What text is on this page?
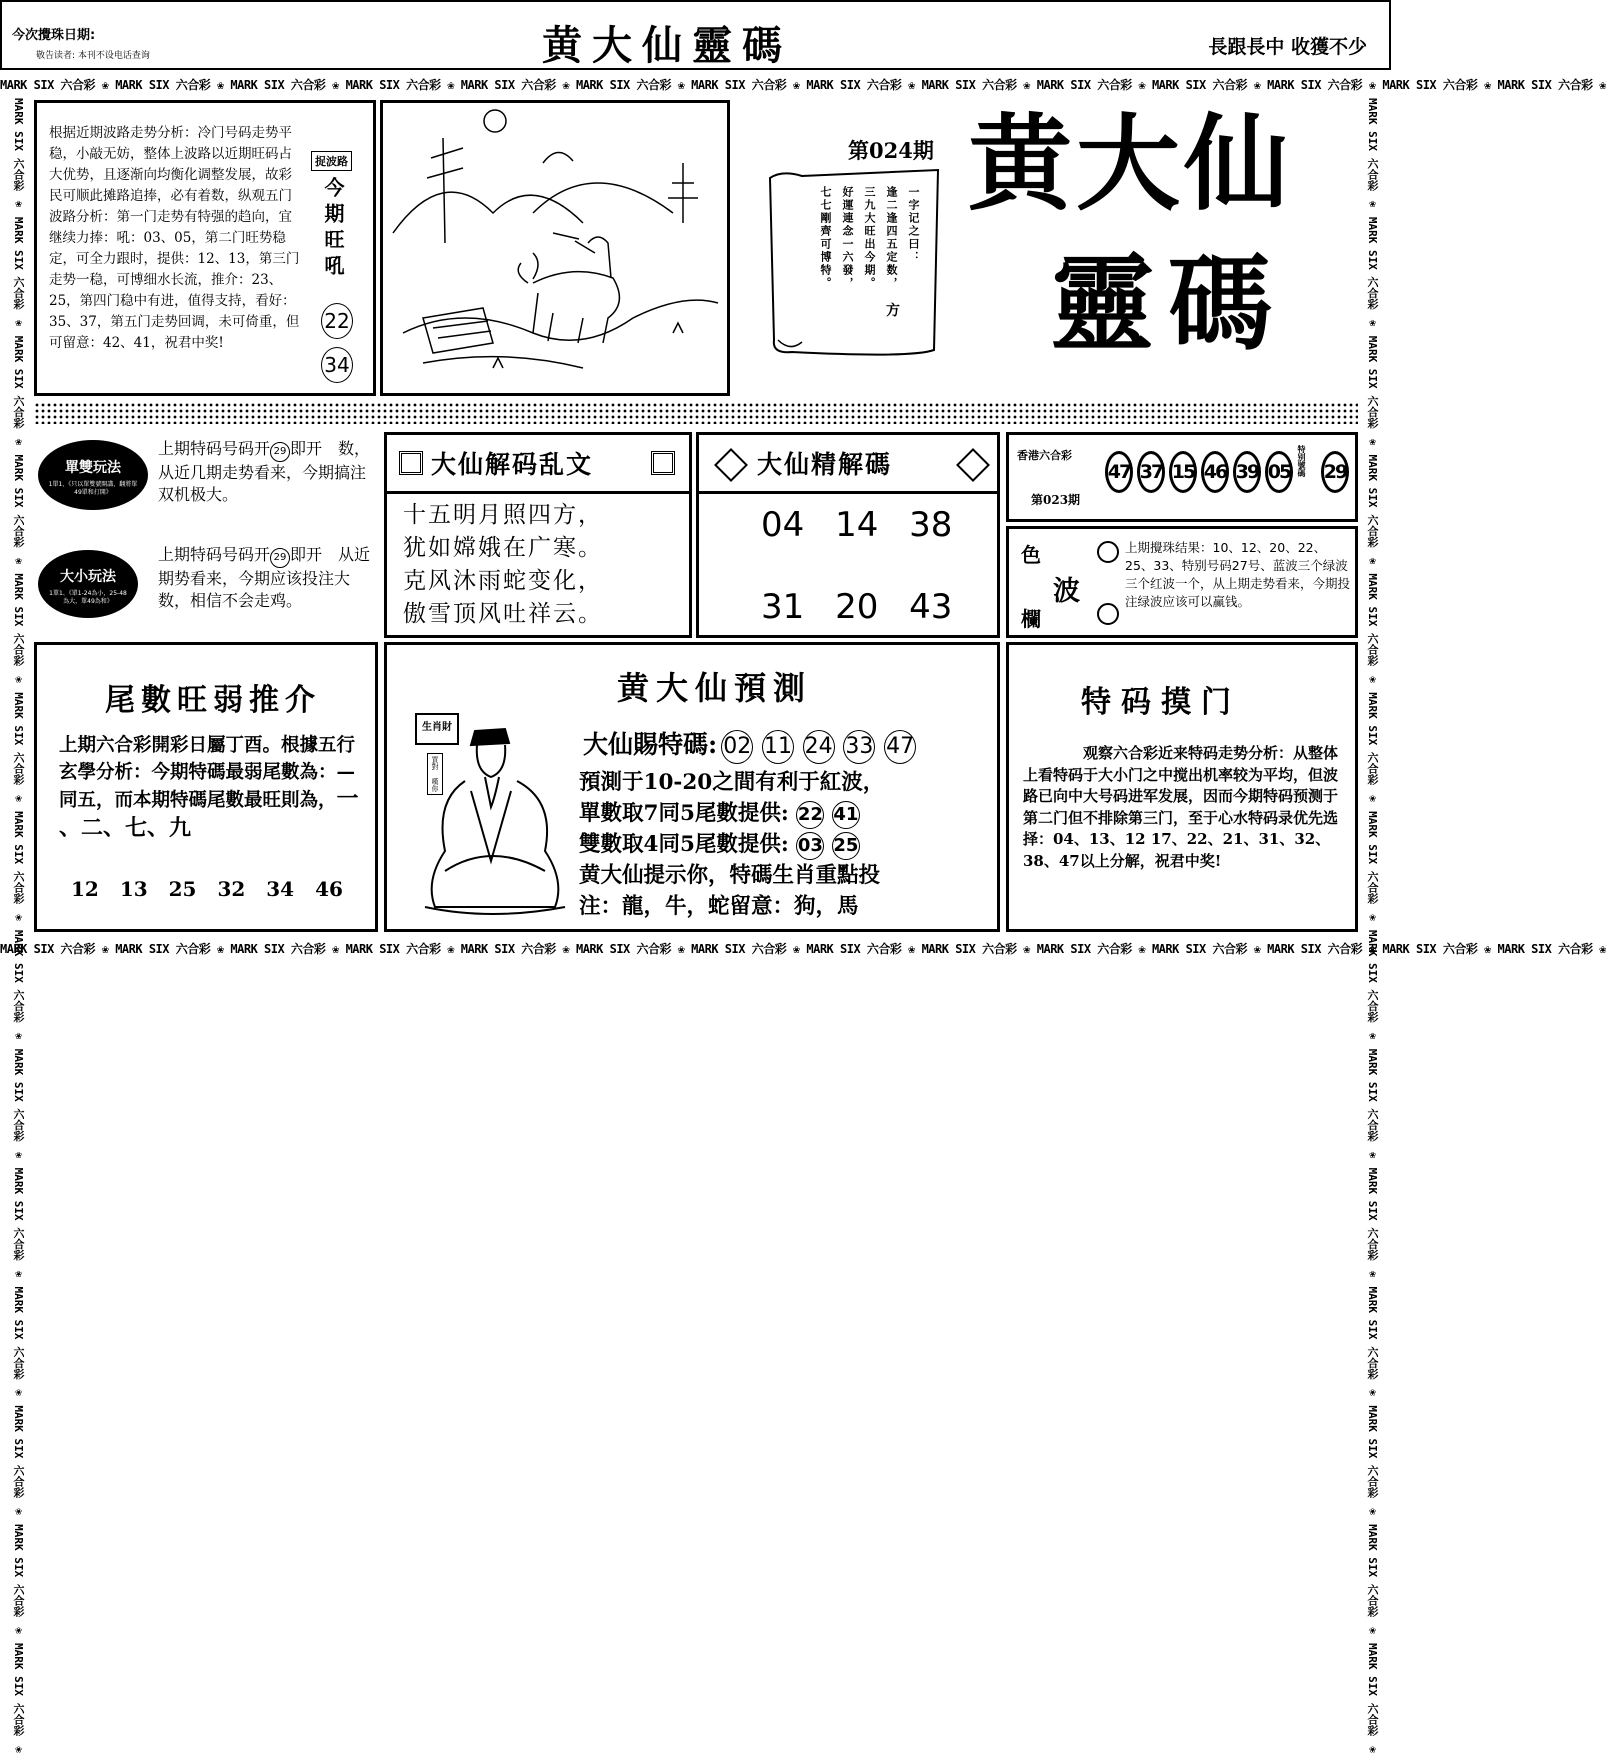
今次攪珠日期:
敬告读者: 本刊不设电话查询	黄大仙靈碼	長跟長中 收獲不少
MARK SIX 六合彩 ❀ MARK SIX 六合彩 ❀ MARK SIX 六合彩 ❀ MARK SIX 六合彩 ❀ MARK SIX 六合彩 ❀ MARK SIX 六合彩 ❀ MARK SIX 六合彩 ❀ MARK SIX 六合彩 ❀ MARK SIX 六合彩 ❀ MARK SIX 六合彩 ❀ MARK SIX 六合彩 ❀ MARK SIX 六合彩 ❀ MARK SIX 六合彩 ❀ MARK SIX 六合彩 ❀
MARK SIX 六合彩 ❀ MARK SIX 六合彩 ❀ MARK SIX 六合彩 ❀ MARK SIX 六合彩 ❀ MARK SIX 六合彩 ❀ MARK SIX 六合彩 ❀ MARK SIX 六合彩 ❀ MARK SIX 六合彩 ❀ MARK SIX 六合彩 ❀ MARK SIX 六合彩 ❀ MARK SIX 六合彩 ❀ MARK SIX 六合彩 ❀ MARK SIX 六合彩 ❀ MARK SIX 六合彩 ❀
MARK SIX 六合彩 ❀ MARK SIX 六合彩 ❀ MARK SIX 六合彩 ❀ MARK SIX 六合彩 ❀ MARK SIX 六合彩 ❀ MARK SIX 六合彩 ❀ MARK SIX 六合彩 ❀ MARK SIX 六合彩 ❀ MARK SIX 六合彩 ❀ MARK SIX 六合彩 ❀ MARK SIX 六合彩 ❀ MARK SIX 六合彩 ❀ MARK SIX 六合彩 ❀ MARK SIX 六合彩 ❀	MARK SIX 六合彩 ❀ MARK SIX 六合彩 ❀ MARK SIX 六合彩 ❀ MARK SIX 六合彩 ❀ MARK SIX 六合彩 ❀ MARK SIX 六合彩 ❀ MARK SIX 六合彩 ❀ MARK SIX 六合彩 ❀ MARK SIX 六合彩 ❀ MARK SIX 六合彩 ❀ MARK SIX 六合彩 ❀ MARK SIX 六合彩 ❀ MARK SIX 六合彩 ❀ MARK SIX 六合彩 ❀
根据近期波路走势分析：冷门号码走势平稳，小敲无妨，整体上波路以近期旺码占大优势，且逐渐向均衡化调整发展，故彩民可顺此摊路追捧，必有着数，纵观五门波路分析：第一门走势有特强的趋向，宜继续力捧：吼：03、05，第二门旺势稳定，可全力跟时，提供：12、13，第三门走势一稳，可博细水长流，推介：23、25，第四门稳中有进，值得支持，看好：35、37，第五门走势回调，未可倚重，但可留意：42、41，祝君中奖!
捉波路
今期旺吼
22
34
一字记之曰：
逢二逢四五定数，
三九大旺出今期。
好運連念一六發，
七七剛齊可博特。
方
第024期 黄大仙
靈碼
單雙玩法
1單1、《只以單雙號開講，翻將單49單和打開》
上期特码号码开 29 即开　数，从近几期走势看来，今期搞注双机极大。
大小玩法
1單1、《單1-24為小，25-48為大，單49為和》
上期特码号码开 29 即开　从近期势看来，今期应该投注大数，相信不会走鸡。
大仙解码乱文
十五明月照四方，
犹如嫦娥在广寒。
克风沐雨蛇变化，
傲雪顶风吐祥云。
大仙精解碼
04 14 38
31 20 43
香港六合彩
第023期
47 37 15 46 39 05 特别號碼 29
色
波
欄
上期攪珠结果：10、12、20、22、25、33、特别号码27号、蓝波三个绿波三个红波一个，从上期走势看来，今期投注绿波应该可以赢钱。
尾數旺弱推介
上期六合彩開彩日屬丁酉。根據五行玄學分析：今期特碼最弱尾數為：—同五，而本期特碼尾數最旺則為，一 、二、七、九
12 13 25 32 34 46
黄大仙預測
生肖財
買對 嘆你
大仙賜特碼: 02 11 24 33 47
預測于10-20之間有利于紅波，
單數取7同5尾數提供: 22 41
雙數取4同5尾數提供: 03 25
黄大仙提示你，特碼生肖重點投
注：龍，牛，蛇留意：狗，馬
特码摸门
观察六合彩近来特码走势分析：从整体上看特码于大小门之中搅出机率较为平均，但波路已向中大号码进军发展，因而今期特码预测于第二门但不排除第三门，至于心水特码录优先选择：04、13、12 17、22、21、31、32、38、47以上分解，祝君中奖!
